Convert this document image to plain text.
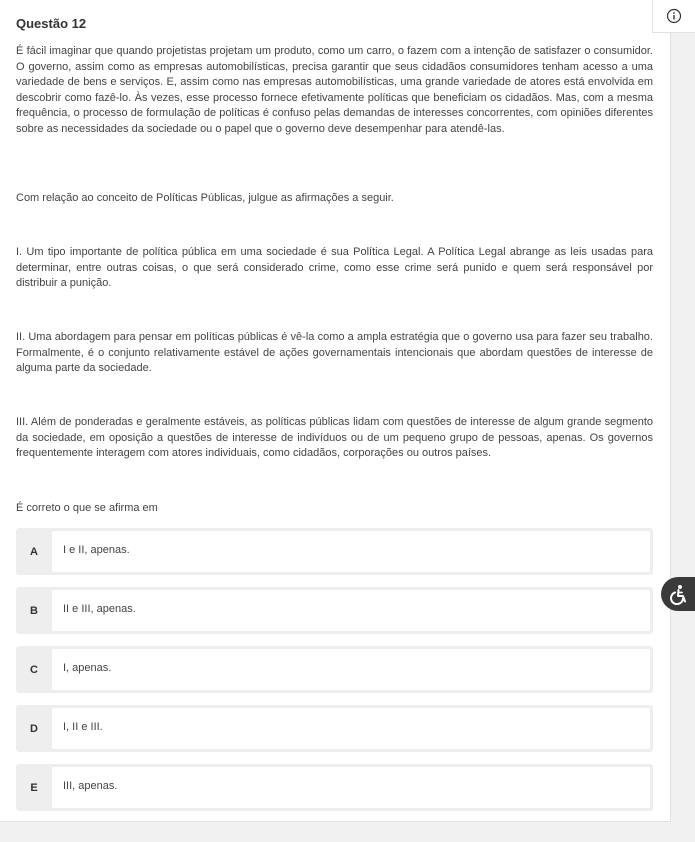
Questão 12

É fácil imaginar que quando projetistas projetam um produto, como um carro, o fazem com a intenção de satisfazer o consumidor. O governo, assim como as empresas automobilísticas, precisa garantir que seus cidadãos consumidores tenham acesso a uma variedade de bens e serviços. E, assim como nas empresas automobilísticas, uma grande variedade de atores está envolvida em descobrir como fazê-lo. Às vezes, esse processo fornece efetivamente políticas que beneficiam os cidadãos. Mas, com a mesma frequência, o processo de formulação de políticas é confuso pelas demandas de interesses concorrentes, com opiniões diferentes sobre as necessidades da sociedade ou o papel que o governo deve desempenhar para atendê-las.

Com relação ao conceito de Políticas Públicas, julgue as afirmações a seguir.

I. Um tipo importante de política pública em uma sociedade é sua Política Legal. A Política Legal abrange as leis usadas para determinar, entre outras coisas, o que será considerado crime, como esse crime será punido e quem será responsável por distribuir a punição.

II. Uma abordagem para pensar em políticas públicas é vê-la como a ampla estratégia que o governo usa para fazer seu trabalho. Formalmente, é o conjunto relativamente estável de ações governamentais intencionais que abordam questões de interesse de alguma parte da sociedade.

III. Além de ponderadas e geralmente estáveis, as políticas públicas lidam com questões de interesse de algum grande segmento da sociedade, em oposição a questões de interesse de indivíduos ou de um pequeno grupo de pessoas, apenas. Os governos frequentemente interagem com atores individuais, como cidadãos, corporações ou outros países.

É correto o que se afirma em

A	I e II, apenas.
B	II e III, apenas.
C	I, apenas.
D	I, II e III.
E	III, apenas.
